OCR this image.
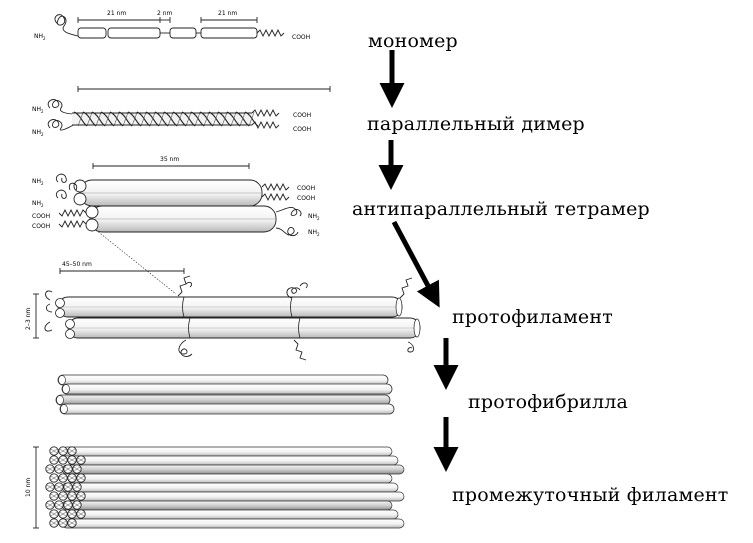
$NH_2$	COOH
21 nm	2 nm	21 nm
$NH_2$
$NH_2$
COOH
COOH
$NH_2$
$NH_2$
COOH
COOH
COOH
COOH
$NH_2$
$NH_2$
35 nm
45–50 nm
2–3 nm
10 nm
мономер
параллельный димер
антипараллельный тетрамер
протофиламент
протофибрилла
промежуточный филамент
